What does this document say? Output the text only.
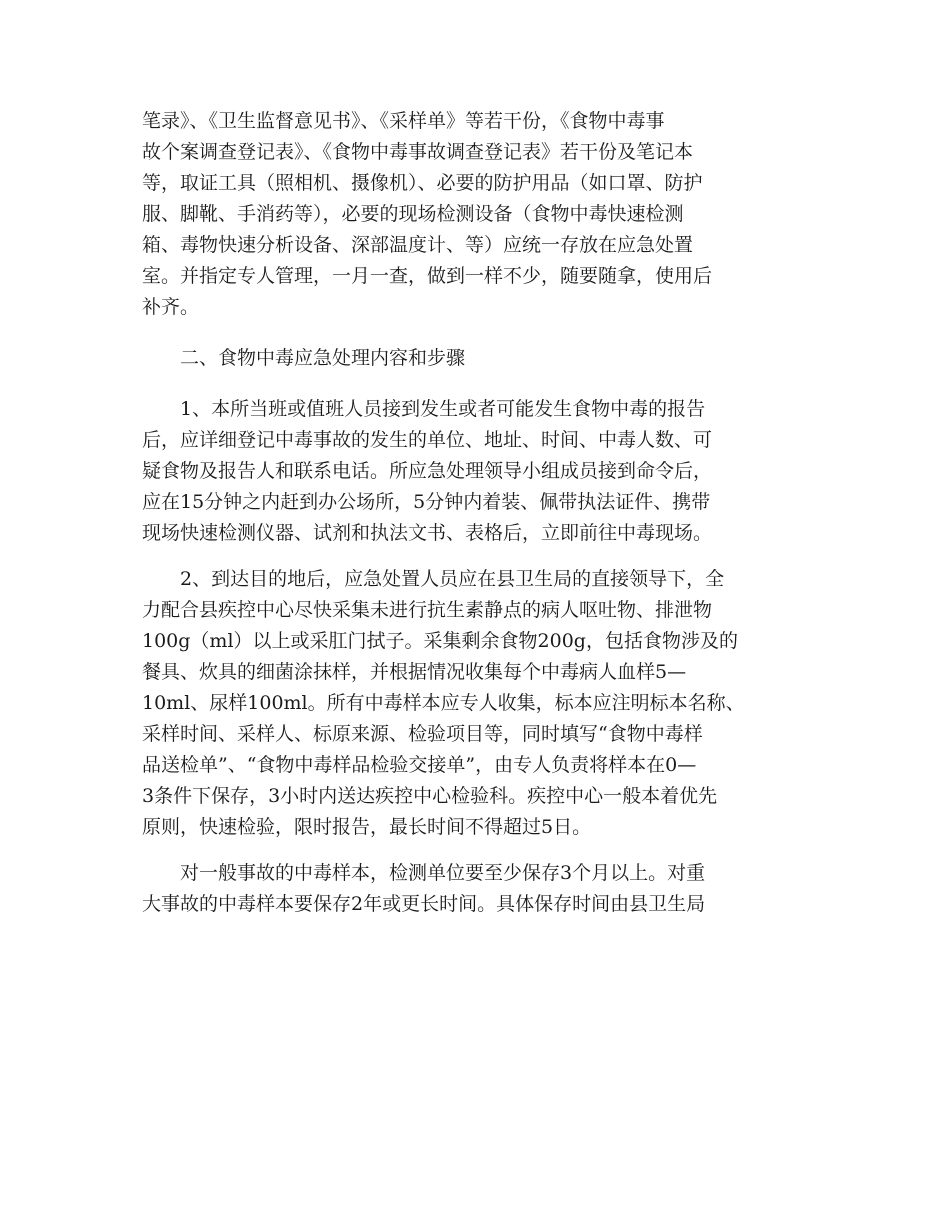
笔录》、《卫生监督意见书》、《采样单》等若干份，《食物中毒事
故个案调查登记表》、《食物中毒事故调查登记表》若干份及笔记本
等，取证工具（照相机、摄像机）、必要的防护用品（如口罩、防护
服、脚靴、手消药等），必要的现场检测设备（食物中毒快速检测
箱、毒物快速分析设备、深部温度计、等）应统一存放在应急处置
室。并指定专人管理，一月一查，做到一样不少，随要随拿，使用后
补齐。
二、食物中毒应急处理内容和步骤
1、本所当班或值班人员接到发生或者可能发生食物中毒的报告
后，应详细登记中毒事故的发生的单位、地址、时间、中毒人数、可
疑食物及报告人和联系电话。所应急处理领导小组成员接到命令后，
应在15分钟之内赶到办公场所，5分钟内着装、佩带执法证件、携带
现场快速检测仪器、试剂和执法文书、表格后，立即前往中毒现场。
2、到达目的地后，应急处置人员应在县卫生局的直接领导下，全
力配合县疾控中心尽快采集未进行抗生素静点的病人呕吐物、排泄物
100g（ml）以上或采肛门拭子。采集剩余食物200g，包括食物涉及的
餐具、炊具的细菌涂抹样，并根据情况收集每个中毒病人血样5—
10ml、尿样100ml。所有中毒样本应专人收集，标本应注明标本名称、
采样时间、采样人、标原来源、检验项目等，同时填写“食物中毒样
品送检单”、“食物中毒样品检验交接单”，由专人负责将样本在0—
3条件下保存，3小时内送达疾控中心检验科。疾控中心一般本着优先
原则，快速检验，限时报告，最长时间不得超过5日。
对一般事故的中毒样本，检测单位要至少保存3个月以上。对重
大事故的中毒样本要保存2年或更长时间。具体保存时间由县卫生局
